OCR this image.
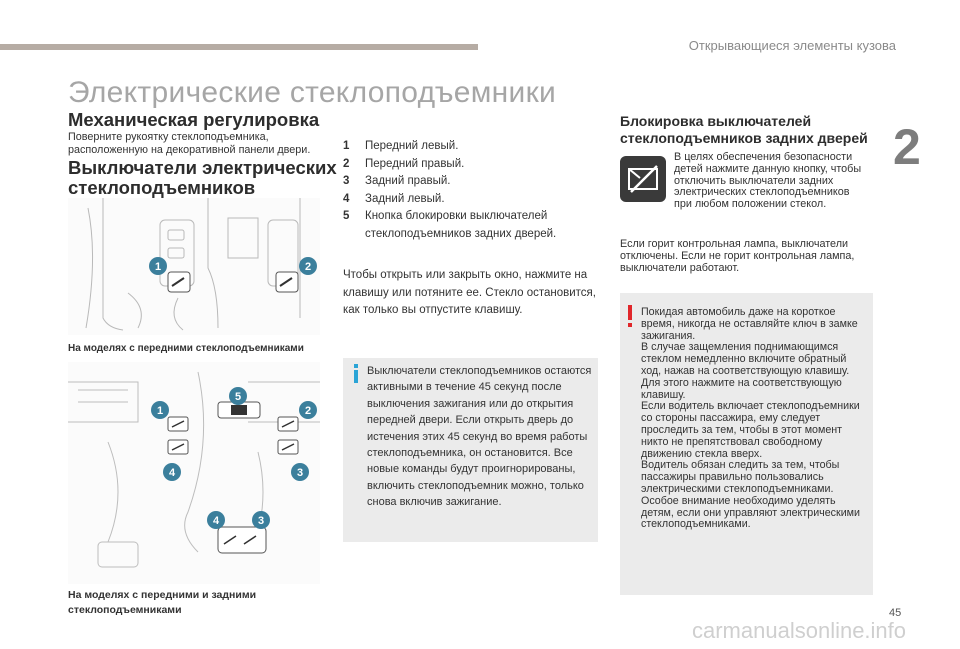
Открывающиеся элементы кузова
2
Электрические стеклоподъемники
Механическая регулировка
Поверните рукоятку стеклоподъемника, расположенную на декоративной панели двери.
Выключатели электрических стеклоподъемников
1	2
На моделях с передними стеклоподъемниками
1	2
3
4
5
4	3
На моделях с передними и задними стеклоподъемниками
1	Передний левый.
2	Передний правый.
3	Задний правый.
4	Задний левый.
5	Кнопка блокировки выключателей стеклоподъемников задних дверей.
Чтобы открыть или закрыть окно, нажмите на клавишу или потяните ее. Стекло остановится, как только вы отпустите клавишу.
Выключатели стеклоподъемников остаются активными в течение 45 секунд после выключения зажигания или до открытия передней двери. Если открыть дверь до истечения этих 45 секунд во время работы стеклоподъемника, он остановится. Все новые команды будут проигнорированы, включить стеклоподъемник можно, только снова включив зажигание.
Блокировка выключателей стеклоподъемников задних дверей
В целях обеспечения безопасности детей нажмите данную кнопку, чтобы отключить выключатели задних электрических стеклоподъемников при любом положении стекол.
Если горит контрольная лампа, выключатели отключены. Если не горит контрольная лампа, выключатели работают.
Покидая автомобиль даже на короткое время, никогда не оставляйте ключ в замке зажигания.
В случае защемления поднимающимся стеклом немедленно включите обратный ход, нажав на соответствующую клавишу. Для этого нажмите на соответствующую клавишу.
Если водитель включает стеклоподъемники со стороны пассажира, ему следует проследить за тем, чтобы в этот момент никто не препятствовал свободному движению стекла вверх.
Водитель обязан следить за тем, чтобы пассажиры правильно пользовались электрическими стеклоподъемниками.
Особое внимание необходимо уделять детям, если они управляют электрическими стеклоподъемниками.
45
carmanualsonline.info
